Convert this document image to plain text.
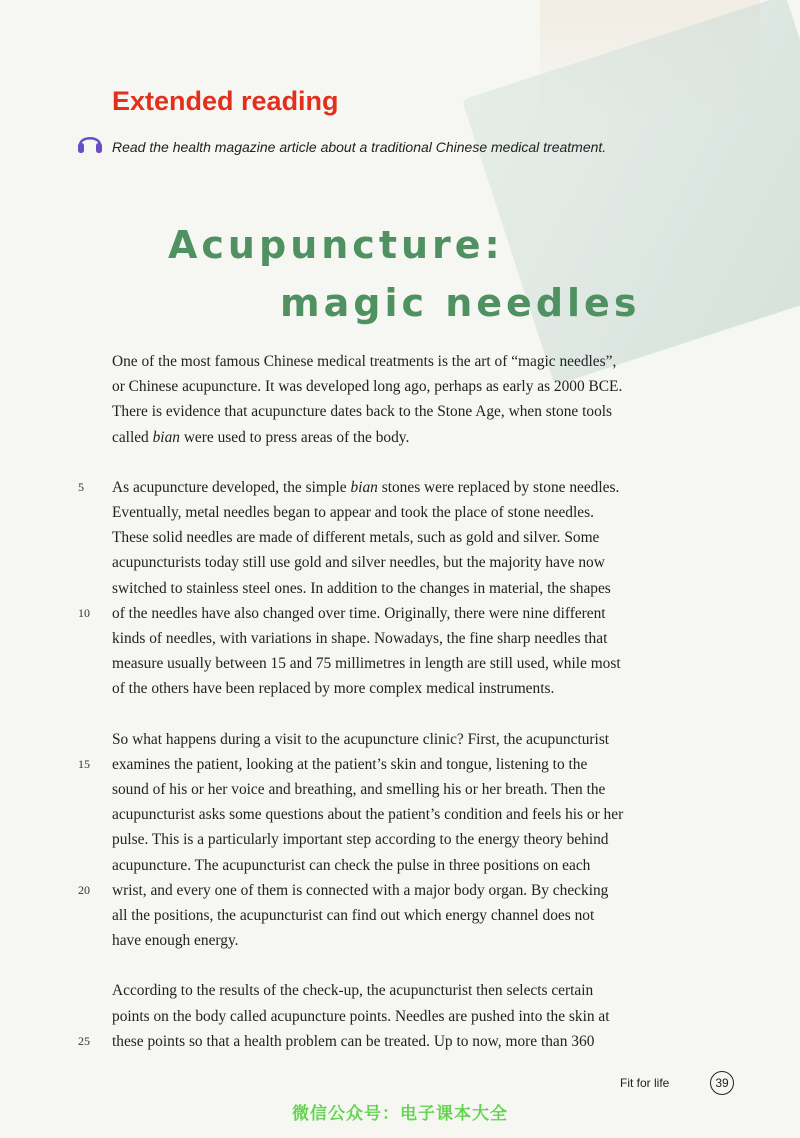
Extended reading

Read the health magazine article about a traditional Chinese medical treatment.

Acupuncture:
magic needles
One of the most famous Chinese medical treatments is the art of “magic needles”,
or Chinese acupuncture. It was developed long ago, perhaps as early as 2000 BCE.
There is evidence that acupuncture dates back to the Stone Age, when stone tools
called bian were used to press areas of the body.
5	As acupuncture developed, the simple bian stones were replaced by stone needles.
Eventually, metal needles began to appear and took the place of stone needles.
These solid needles are made of different metals, such as gold and silver. Some
acupuncturists today still use gold and silver needles, but the majority have now
switched to stainless steel ones. In addition to the changes in material, the shapes
10	of the needles have also changed over time. Originally, there were nine different
kinds of needles, with variations in shape. Nowadays, the fine sharp needles that
measure usually between 15 and 75 millimetres in length are still used, while most
of the others have been replaced by more complex medical instruments.
So what happens during a visit to the acupuncture clinic? First, the acupuncturist
15	examines the patient, looking at the patient’s skin and tongue, listening to the
sound of his or her voice and breathing, and smelling his or her breath. Then the
acupuncturist asks some questions about the patient’s condition and feels his or her
pulse. This is a particularly important step according to the energy theory behind
acupuncture. The acupuncturist can check the pulse in three positions on each
20	wrist, and every one of them is connected with a major body organ. By checking
all the positions, the acupuncturist can find out which energy channel does not
have enough energy.
According to the results of the check-up, the acupuncturist then selects certain
points on the body called acupuncture points. Needles are pushed into the skin at
25	these points so that a health problem can be treated. Up to now, more than 360
Fit for life	39
微信公众号：电子课本大全
